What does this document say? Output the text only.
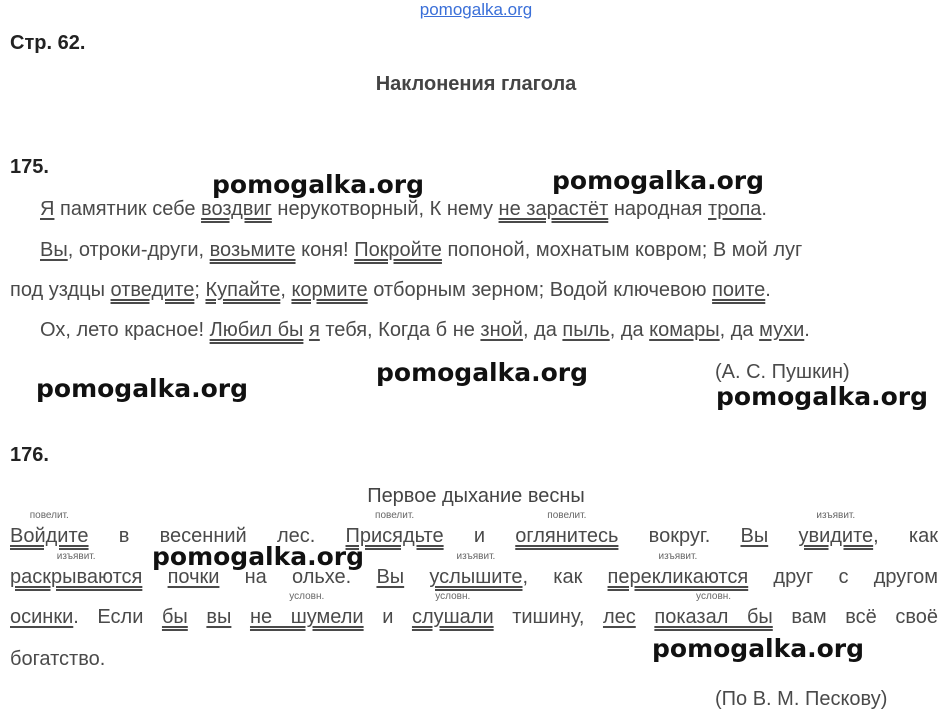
pomogalka.org
Стр. 62.
Наклонения глагола
175.
Я памятник себе воздвиг нерукотворный, К нему не зарастёт народная тропа.
Вы, отроки-други, возьмите коня! Покройте попоной, мохнатым ковром; В мой луг
под уздцы отведите; Купайте, кормите отборным зерном; Водой ключевою поите.
Ох, лето красное! Любил бы я тебя, Когда б не зной, да пыль, да комары, да мухи.
(А. С. Пушкин)
176.
Первое дыхание весны
Войдите
повелит.
в весенний лес. Присядьте
повелит.
и оглянитесь
повелит.
вокруг. Вы увидите
изъявит.
, как
раскрываются
изъявит.
почки на ольхе. Вы услышите
изъявит.
, как перекликаются
изъявит.
друг с другом
осинки. Если бы вы не шумели
условн.
и слушали
условн.
тишину, лес показал бы
условн.
вам всё своё
богатство.
(По В. М. Пескову)
pomogalka.org	pomogalka.org
pomogalka.org
pomogalka.org
pomogalka.org
pomogalka.org
pomogalka.org
